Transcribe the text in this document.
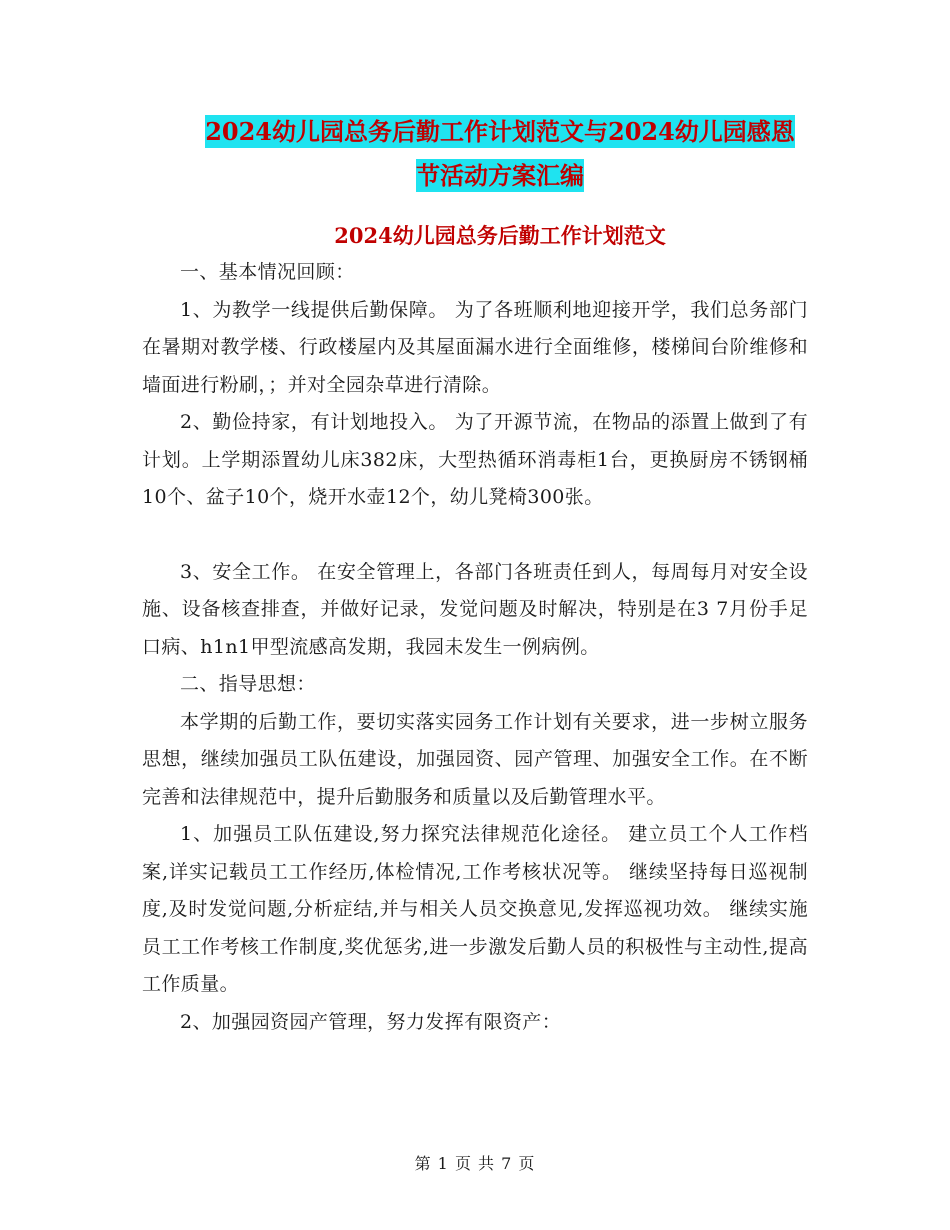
2024幼儿园总务后勤工作计划范文与2024幼儿园感恩
节活动方案汇编
2024幼儿园总务后勤工作计划范文

一、基本情况回顾：

1、为教学一线提供后勤保障。 为了各班顺利地迎接开学，我们总务部门在暑期对教学楼、行政楼屋内及其屋面漏水进行全面维修，楼梯间台阶维修和墙面进行粉刷，；并对全园杂草进行清除。

2、勤俭持家，有计划地投入。 为了开源节流，在物品的添置上做到了有计划。上学期添置幼儿床382床，大型热循环消毒柜1台，更换厨房不锈钢桶10个、盆子10个，烧开水壶12个，幼儿凳椅300张。

3、安全工作。 在安全管理上，各部门各班责任到人，每周每月对安全设施、设备核查排查，并做好记录，发觉问题及时解决，特别是在3 7月份手足口病、h1n1甲型流感高发期，我园未发生一例病例。

二、指导思想：

本学期的后勤工作，要切实落实园务工作计划有关要求，进一步树立服务思想，继续加强员工队伍建设，加强园资、园产管理、加强安全工作。在不断完善和法律规范中，提升后勤服务和质量以及后勤管理水平。

1、加强员工队伍建设,努力探究法律规范化途径。 建立员工个人工作档案,详实记载员工工作经历,体检情况,工作考核状况等。 继续坚持每日巡视制度,及时发觉问题,分析症结,并与相关人员交换意见,发挥巡视功效。 继续实施员工工作考核工作制度,奖优惩劣,进一步激发后勤人员的积极性与主动性,提高工作质量。

2、加强园资园产管理，努力发挥有限资产：

第 1 页 共 7 页
